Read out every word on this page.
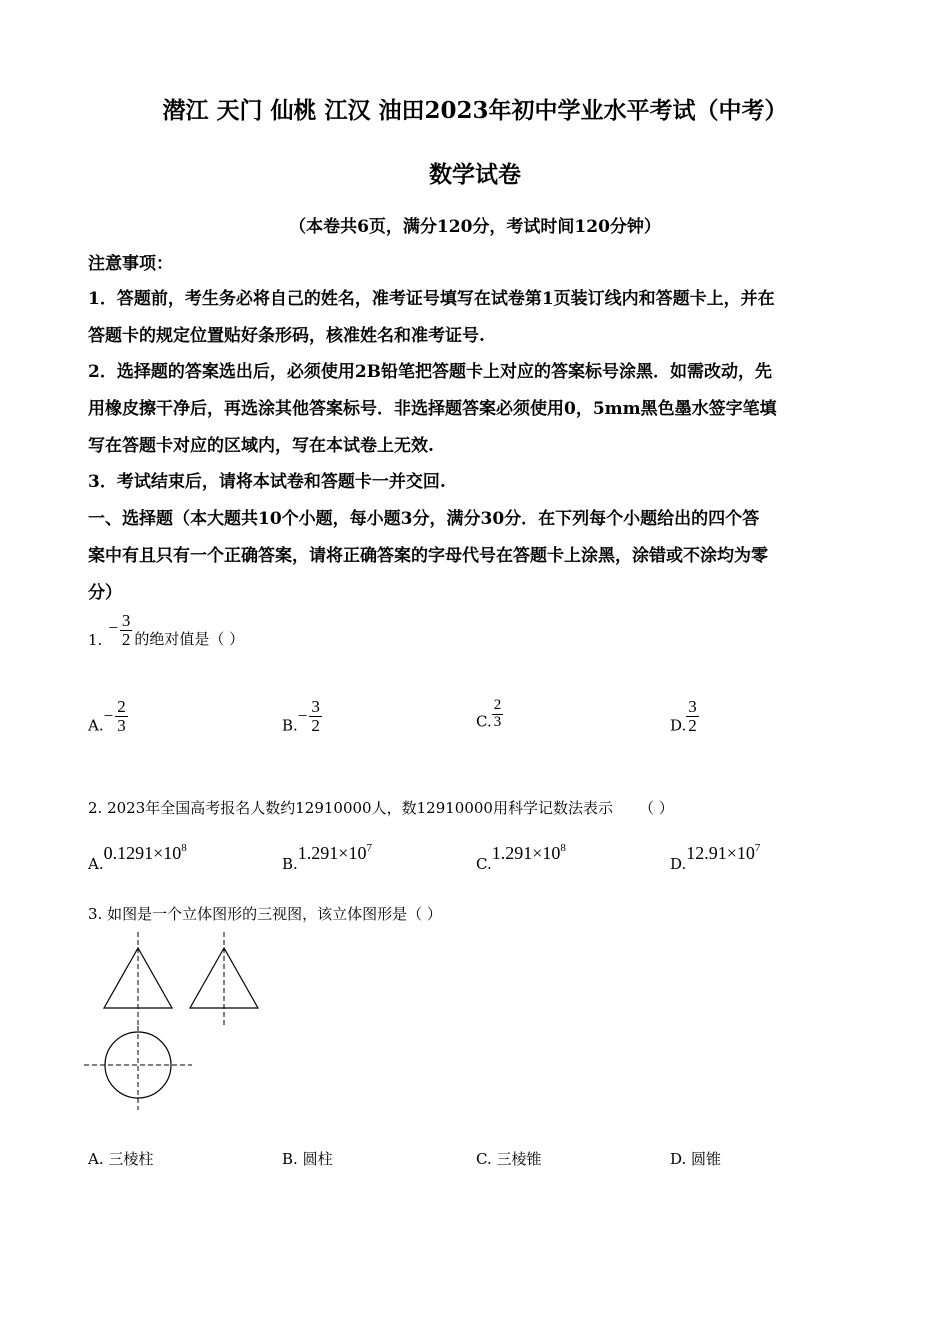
潜江 天门 仙桃 江汉 油田2023年初中学业水平考试（中考）
数学试卷
（本卷共6页，满分120分，考试时间120分钟）
注意事项：
1．答题前，考生务必将自己的姓名，准考证号填写在试卷第1页装订线内和答题卡上，并在
答题卡的规定位置贴好条形码，核准姓名和准考证号.
2．选择题的答案选出后，必须使用2B铅笔把答题卡上对应的答案标号涂黑．如需改动，先
用橡皮擦干净后，再选涂其他答案标号．非选择题答案必须使用0，5mm黑色墨水签字笔填
写在答题卡对应的区域内，写在本试卷上无效.
3．考试结束后，请将本试卷和答题卡一并交回.
一、选择题（本大题共10个小题，每小题3分，满分30分．在下列每个小题给出的四个答
案中有且只有一个正确答案，请将正确答案的字母代号在答题卡上涂黑，涂错或不涂均为零
分）
$1.- \frac{3}{2}$ 的绝对值是（ ）
$A.- \frac{2}{3}$	$B.- \frac{3}{2}$	C. $\frac{2}{3}$	D. $\frac{3}{2}$
2. 2023年全国高考报名人数约12910000人，数12910000用科学记数法表示 （ ）
$A.0.1291\times 10^8$
$B.1.291\times 10^7$
$C.1.291\times 10^8$
$D.12.91\times 10^7$
3. 如图是一个立体图形的三视图，该立体图形是（ ）
A. 三棱柱	B. 圆柱	C. 三棱锥	D. 圆锥
